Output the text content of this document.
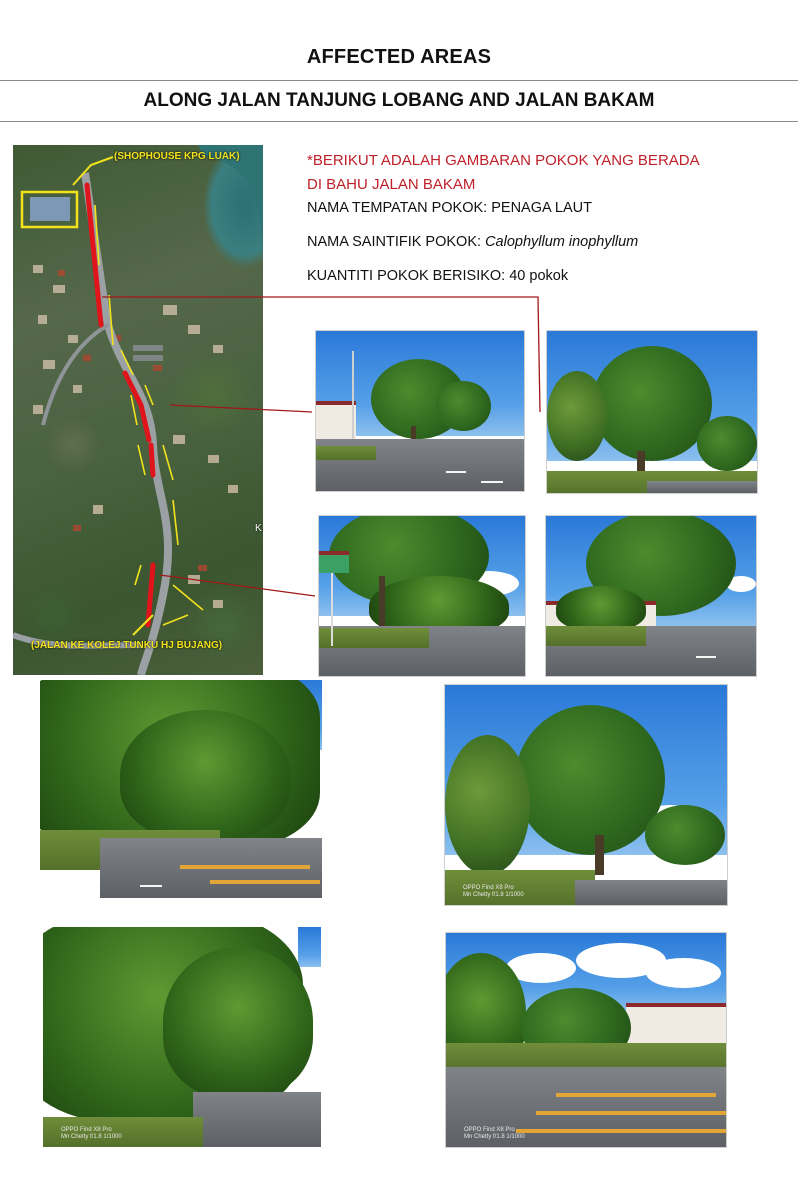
AFFECTED AREAS
ALONG JALAN TANJUNG LOBANG AND JALAN BAKAM
(SHOPHOUSE KPG LUAK)
(JALAN KE KOLEJ TUNKU HJ BUJANG)
K
*BERIKUT ADALAH GAMBARAN POKOK YANG BERADA
DI BAHU JALAN BAKAM
NAMA TEMPATAN POKOK: PENAGA LAUT
NAMA SAINTIFIK POKOK: Calophyllum inophyllum
KUANTITI POKOK BERISIKO: 40 pokok
OPPO Find X8 Pro
Mn Chetty f/1.8 1/1000
OPPO Find X8 Pro
Mn Chetty f/1.8 1/1000
OPPO Find X8 Pro
Mn Chetty f/1.8 1/1000
